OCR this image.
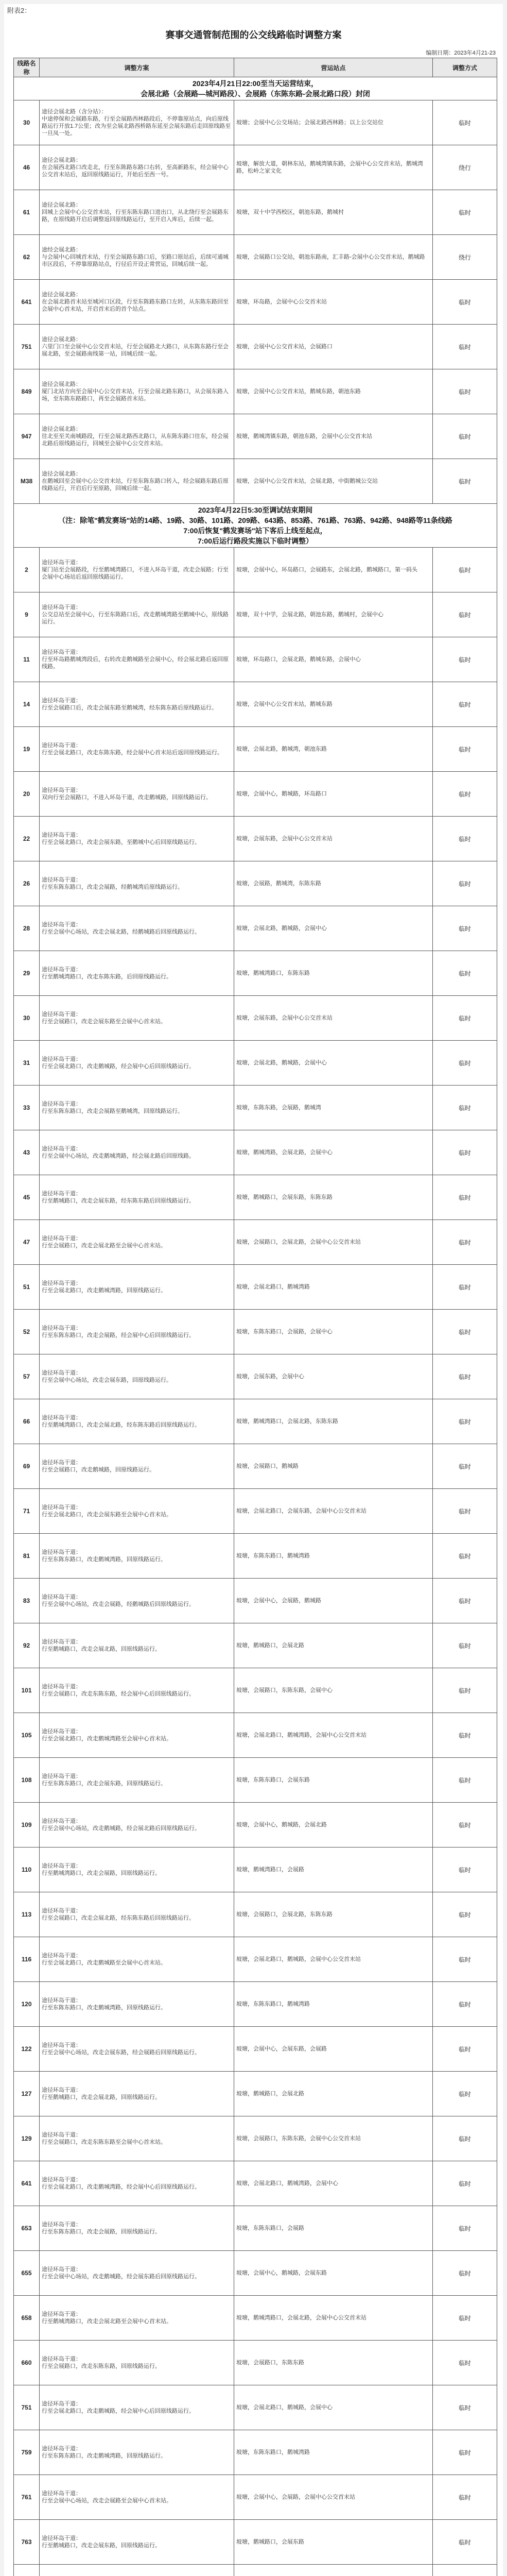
附表2：
赛事交通管制范围的公交线路临时调整方案
编制日期：2023年4月21-23
线路名称	调整方案	营运站点	调整方式
2023年4月21日22:00至当天运营结束，
会展北路（会展路—城河路段）、会展路（东陈东路-会展北路口段）封闭			
30	途径会展北路（含分站）：
中途停保和会展路东路，行至会展路西林路段后，不停靠原站点，向后原线路运行开放1.7公里；改为至会展北路西桥路东延至会展东路后走回原线路至一旦凤一处。	坡塘；会展中心公交场站；会展北路西林路；以上公交站位	临时
46	途径会展北路：
在会展西北路口改走北，行至东陈路东路口右转，至高新路东，经会展中心公交首末站后，返回原线路运行，开始后至西一号。	坡塘，解放大道，朝林东站，鹅城湾镇东路，会展中心公交首末站，鹅城湾路，松岭之家文化	绕行
61	途径会展北路：
回城上会展中心公交首末站，行至东陈东路口进出口，从北绕行至会展路东路，在原线路开启后调整返回原线路运行，至开启入库后，后续一起。	坡塘，双十中学西校区，朝池东路，鹅城村	临时
62	途经会展北路：
与会展中心回城首末站，行至会展路东路口后，至路口原站后，后续可通城市区段后，不停靠原路站点，行径后开设正常营运，回城后续一起。	坡塘，会展路口公交站，朝池东路南，汇丰路-会展中心公交首末站，鹅城路	绕行
641	途径会展北路：
在会展北路首末站至城河口区段，行至东陈路东路口左转，从东陈东路回至会展中心首末站，开启首末后的首个站点。	坡塘，环岛路，会展中心公交首末站	临时
751	途径会展北路：
六里门口至会展中心公交首末站，行至会展路北大路口，从东陈东路行至会展北路，至会展路南线第一站，回城后续一起。	坡塘，会展中心公交首末站，会展路口	临时
849	途径会展北路：
厦门北站方向至会展中心公交首末站，行至会展北路东路口，从会展东路入场，至东陈东路路口，再至会展路首末站。	坡塘，会展中心公交首末站，鹅城东路，朝池东路	临时
947	途径会展北路：
往北至至关南城路段，行至会展北路西北路口，从东陈东路口往东，经会展北路后原线路运行，回城至会展中心公交首末站。	坡塘，鹅城湾镇东路，朝池东路，会展中心公交首末站	临时
M38	途径会展北路：
在鹅城回至会展中心公交首末站，行至东陈东路口转入，经会展路东路后原线路运行，开启后行至原路，回城后续一起。	坡塘，会展中心公交首末站，会展北路，中街鹅城公交站	临时
2023年4月22日5:30至调试结束期间
（注：除笔"鹤发赛场"站的14路、19路、30路、101路、209路、643路、853路、761路、763路、942路、948路等11条线路
7:00后恢复"鹤发赛场"站下客后上线至起点，
7:00后运行路段实施以下临时调整）			
2	途径环岛干道：
厦门站至会展路段，行至鹅城湾路口，不进入环岛干道，改走会展路；行至会展中心场站后返回原线路运行。	坡塘，会展中心，环岛路口，会展路东，会展北路，鹅城路口，第一码头	临时
9	途径环岛干道：
公交总站至会展中心，行至东陈路口后，改走鹅城湾路至鹅城中心，原线路运行。	坡塘，双十中学，会展北路，朝池东路，鹅城村，会展中心	临时
11	途径环岛干道：
行至环岛路鹅城湾段后，右转改走鹅城路至会展中心，经会展北路后返回原线路。	坡塘，环岛路口，会展北路，鹅城东路，会展中心	临时
14	途径环岛干道：
行至会展路口后，改走会展东路至鹅城湾，经东陈东路后原线路运行。	坡塘，会展中心公交首末站，鹅城东路	临时
19	途径环岛干道：
行至会展北路口，改走东陈东路，经会展中心首末站后返回原线路运行。	坡塘，会展北路，鹅城湾，朝池东路	临时
20	途径环岛干道：
双向行至会展路口，不进入环岛干道，改走鹅城路，回原线路运行。	坡塘，会展中心，鹅城路，环岛路口	临时
22	途径环岛干道：
行至会展北路口，改走会展东路，至鹅城中心后回原线路运行。	坡塘，会展东路，会展中心公交首末站	临时
26	途径环岛干道：
行至东陈东路口，改走会展路，经鹅城湾后原线路运行。	坡塘，会展路，鹅城湾，东陈东路	临时
28	途径环岛干道：
行至会展中心场站，改走会展北路，经鹅城路后回原线路运行。	坡塘，会展北路，鹅城路，会展中心	临时
29	途径环岛干道：
行至鹅城湾路口，改走东陈东路，后回原线路运行。	坡塘，鹅城湾路口，东陈东路	临时
30	途径环岛干道：
行至会展路口，改走会展东路至会展中心首末站。	坡塘，会展东路，会展中心公交首末站	临时
31	途径环岛干道：
行至会展北路口，改走鹅城路，经会展中心后回原线路运行。	坡塘，会展北路，鹅城路，会展中心	临时
33	途径环岛干道：
行至东陈东路口，改走会展路至鹅城湾，回原线路运行。	坡塘，东陈东路，会展路，鹅城湾	临时
43	途径环岛干道：
行至会展中心场站，改走鹅城湾路，经会展北路后回原线路。	坡塘，鹅城湾路，会展北路，会展中心	临时
45	途径环岛干道：
行至鹅城路口，改走会展东路，经东陈东路后回原线路运行。	坡塘，鹅城路口，会展东路，东陈东路	临时
47	途径环岛干道：
行至会展路口，改走会展北路至会展中心首末站。	坡塘，会展路口，会展北路，会展中心公交首末站	临时
51	途径环岛干道：
行至会展北路口，改走鹅城湾路，回原线路运行。	坡塘，会展北路口，鹅城湾路	临时
52	途径环岛干道：
行至东陈东路口，改走会展路，经会展中心后回原线路运行。	坡塘，东陈东路口，会展路，会展中心	临时
57	途径环岛干道：
行至会展中心场站，改走会展东路，回原线路运行。	坡塘，会展东路，会展中心	临时
66	途径环岛干道：
行至鹅城湾路口，改走会展北路，经东陈东路后回原线路运行。	坡塘，鹅城湾路口，会展北路，东陈东路	临时
69	途径环岛干道：
行至会展路口，改走鹅城路，回原线路运行。	坡塘，会展路口，鹅城路	临时
71	途径环岛干道：
行至会展北路口，改走会展东路至会展中心首末站。	坡塘，会展北路口，会展东路，会展中心公交首末站	临时
81	途径环岛干道：
行至东陈东路口，改走鹅城湾路，回原线路运行。	坡塘，东陈东路口，鹅城湾路	临时
83	途径环岛干道：
行至会展中心场站，改走会展路，经鹅城路后回原线路运行。	坡塘，会展中心，会展路，鹅城路	临时
92	途径环岛干道：
行至鹅城路口，改走会展北路，回原线路运行。	坡塘，鹅城路口，会展北路	临时
101	途径环岛干道：
行至会展路口，改走东陈东路，经会展中心后回原线路运行。	坡塘，会展路口，东陈东路，会展中心	临时
105	途径环岛干道：
行至会展北路口，改走鹅城湾路至会展中心首末站。	坡塘，会展北路口，鹅城湾路，会展中心公交首末站	临时
108	途径环岛干道：
行至东陈东路口，改走会展东路，回原线路运行。	坡塘，东陈东路口，会展东路	临时
109	途径环岛干道：
行至会展中心场站，改走鹅城路，经会展北路后回原线路运行。	坡塘，会展中心，鹅城路，会展北路	临时
110	途径环岛干道：
行至鹅城湾路口，改走会展路，回原线路运行。	坡塘，鹅城湾路口，会展路	临时
113	途径环岛干道：
行至会展路口，改走会展北路，经东陈东路后回原线路运行。	坡塘，会展路口，会展北路，东陈东路	临时
116	途径环岛干道：
行至会展北路口，改走鹅城路至会展中心首末站。	坡塘，会展北路口，鹅城路，会展中心公交首末站	临时
120	途径环岛干道：
行至东陈东路口，改走鹅城湾路，回原线路运行。	坡塘，东陈东路口，鹅城湾路	临时
122	途径环岛干道：
行至会展中心场站，改走会展东路，经会展路后回原线路运行。	坡塘，会展中心，会展东路，会展路	临时
127	途径环岛干道：
行至鹅城路口，改走会展北路，回原线路运行。	坡塘，鹅城路口，会展北路	临时
129	途径环岛干道：
行至会展路口，改走东陈东路至会展中心首末站。	坡塘，会展路口，东陈东路，会展中心公交首末站	临时
641	途径环岛干道：
行至会展北路口，改走鹅城湾路，经会展中心后回原线路运行。	坡塘，会展北路口，鹅城湾路，会展中心	临时
653	途径环岛干道：
行至东陈东路口，改走会展路，回原线路运行。	坡塘，东陈东路口，会展路	临时
655	途径环岛干道：
行至会展中心场站，改走鹅城路，经会展东路后回原线路运行。	坡塘，会展中心，鹅城路，会展东路	临时
658	途径环岛干道：
行至鹅城湾路口，改走会展北路至会展中心首末站。	坡塘，鹅城湾路口，会展北路，会展中心公交首末站	临时
660	途径环岛干道：
行至会展路口，改走东陈东路，回原线路运行。	坡塘，会展路口，东陈东路	临时
751	途径环岛干道：
行至会展北路口，改走鹅城路，经会展中心后回原线路运行。	坡塘，会展北路口，鹅城路，会展中心	临时
759	途径环岛干道：
行至东陈东路口，改走鹅城湾路，回原线路运行。	坡塘，东陈东路口，鹅城湾路	临时
761	途径环岛干道：
行至会展中心场站，改走会展路至会展中心首末站。	坡塘，会展中心，会展路，会展中心公交首末站	临时
763	途径环岛干道：
行至鹅城路口，改走会展东路，回原线路运行。	坡塘，鹅城路口，会展东路	临时
